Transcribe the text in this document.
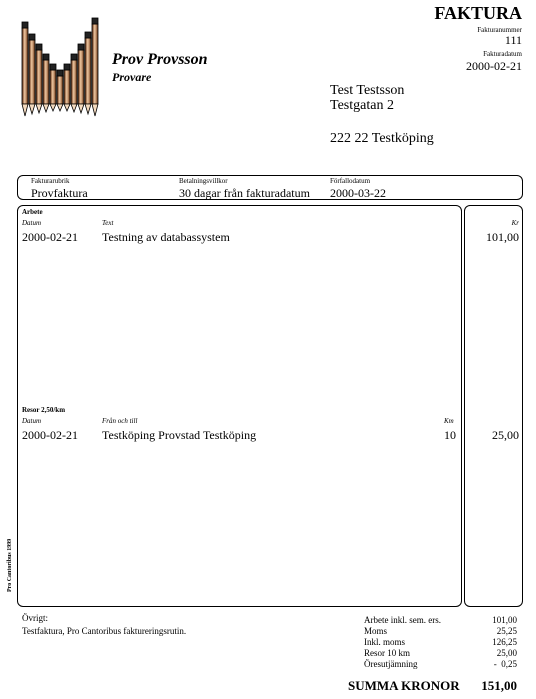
Prov Provsson
Provare
FAKTURA
Fakturanummer
111
Fakturadatum
2000-02-21
Test Testsson
Testgatan 2
222 22 Testköping
Fakturarubrik
Provfaktura
Betalningsvillkor
30 dagar från fakturadatum
Förfallodatum
2000-03-22
Arbete
Datum	Text	Kr
2000-02-21 Testning av databassystem	101,00
Resor 2,50/km
Datum	Från och till	Km
2000-02-21 Testköping Provstad Testköping	10	25,00
Pro Cantoribus 1999
Övrigt:
Testfaktura, Pro Cantoribus faktureringsrutin.
Arbete inkl. sem. ers.	101,00
Moms	25,25
Inkl. moms	126,25
Resor 10 km	25,00
Öresutjämning	-  0,25
SUMMA KRONOR 151,00
